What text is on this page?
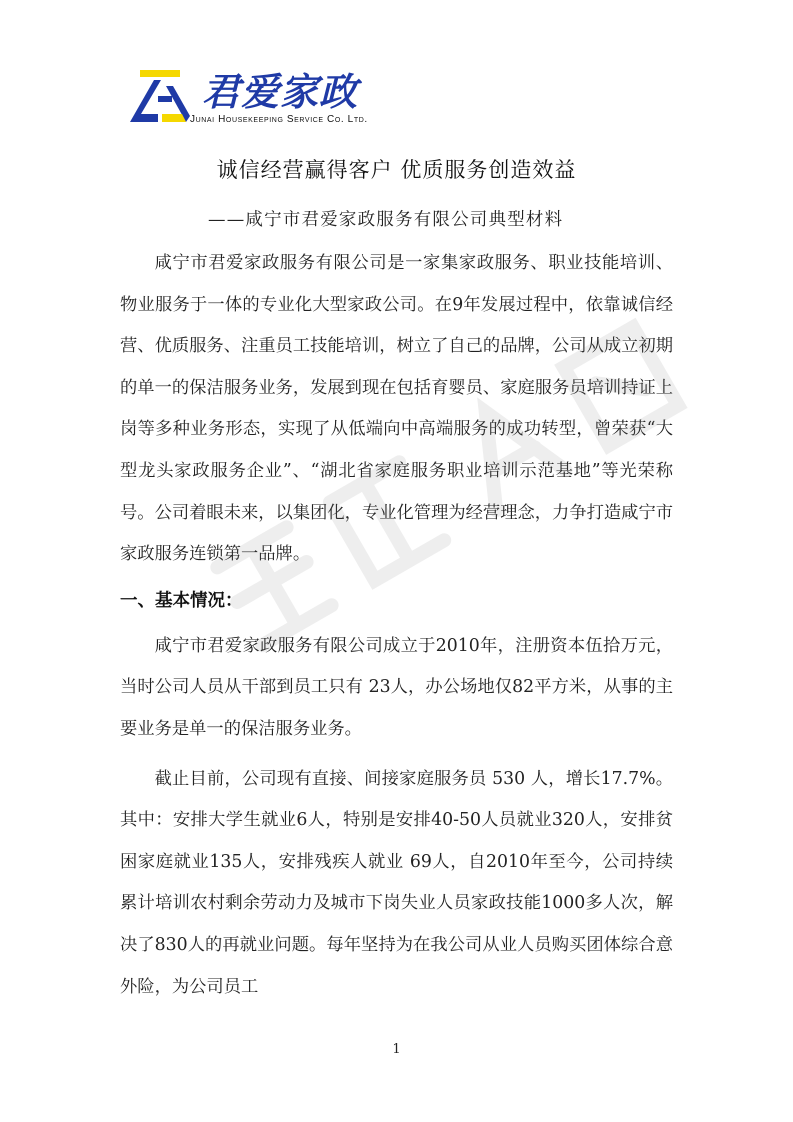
君爱家政
Junai Housekeeping Service Co. Ltd.
诚信经营赢得客户 优质服务创造效益
——咸宁市君爱家政服务有限公司典型材料

咸宁市君爱家政服务有限公司是一家集家政服务、职业技能培训、物业服务于一体的专业化大型家政公司。在9年发展过程中，依靠诚信经营、优质服务、注重员工技能培训，树立了自己的品牌，公司从成立初期的单一的保洁服务业务，发展到现在包括育婴员、家庭服务员培训持证上岗等多种业务形态，实现了从低端向中高端服务的成功转型，曾荣获“大型龙头家政服务企业”、“湖北省家庭服务职业培训示范基地”等光荣称号。公司着眼未来，以集团化，专业化管理为经营理念，力争打造咸宁市家政服务连锁第一品牌。

一、基本情况：

咸宁市君爱家政服务有限公司成立于2010年，注册资本伍拾万元，当时公司人员从干部到员工只有 23人，办公场地仅82平方米，从事的主要业务是单一的保洁服务业务。

截止目前，公司现有直接、间接家庭服务员 530 人，增长17.7%。其中：安排大学生就业6人，特别是安排40-50人员就业320人，安排贫困家庭就业135人，安排残疾人就业 69人，自2010年至今，公司持续累计培训农村剩余劳动力及城市下岗失业人员家政技能1000多人次，解决了830人的再就业问题。每年坚持为在我公司从业人员购买团体综合意外险，为公司员工

1
